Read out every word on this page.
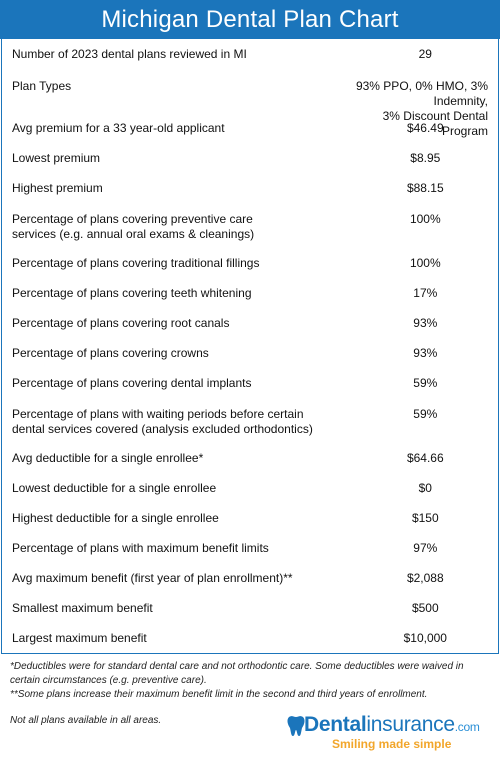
Michigan Dental Plan Chart
Number of 2023 dental plans reviewed in MI	29
Plan Types	93% PPO, 0% HMO, 3% Indemnity,
3% Discount Dental Program
Avg premium for a 33 year-old applicant	$46.49
Lowest premium	$8.95
Highest premium	$88.15
Percentage of plans covering preventive care
services (e.g. annual oral exams & cleanings)
100%
Percentage of plans covering traditional fillings	100%
Percentage of plans covering teeth whitening	17%
Percentage of plans covering root canals	93%
Percentage of plans covering crowns	93%
Percentage of plans covering dental implants	59%
Percentage of plans with waiting periods before certain
dental services covered (analysis excluded orthodontics)
59%
Avg deductible for a single enrollee*	$64.66
Lowest deductible for a single enrollee	$0
Highest deductible for a single enrollee	$150
Percentage of plans with maximum benefit limits	97%
Avg maximum benefit (first year of plan enrollment)**	$2,088
Smallest maximum benefit	$500
Largest maximum benefit	$10,000

*Deductibles were for standard dental care and not orthodontic care. Some deductibles were waived in certain circumstances (e.g. preventive care).

**Some plans increase their maximum benefit limit in the second and third years of enrollment.

Not all plans available in all areas.	Dentalinsurance.com
Smiling made simple
